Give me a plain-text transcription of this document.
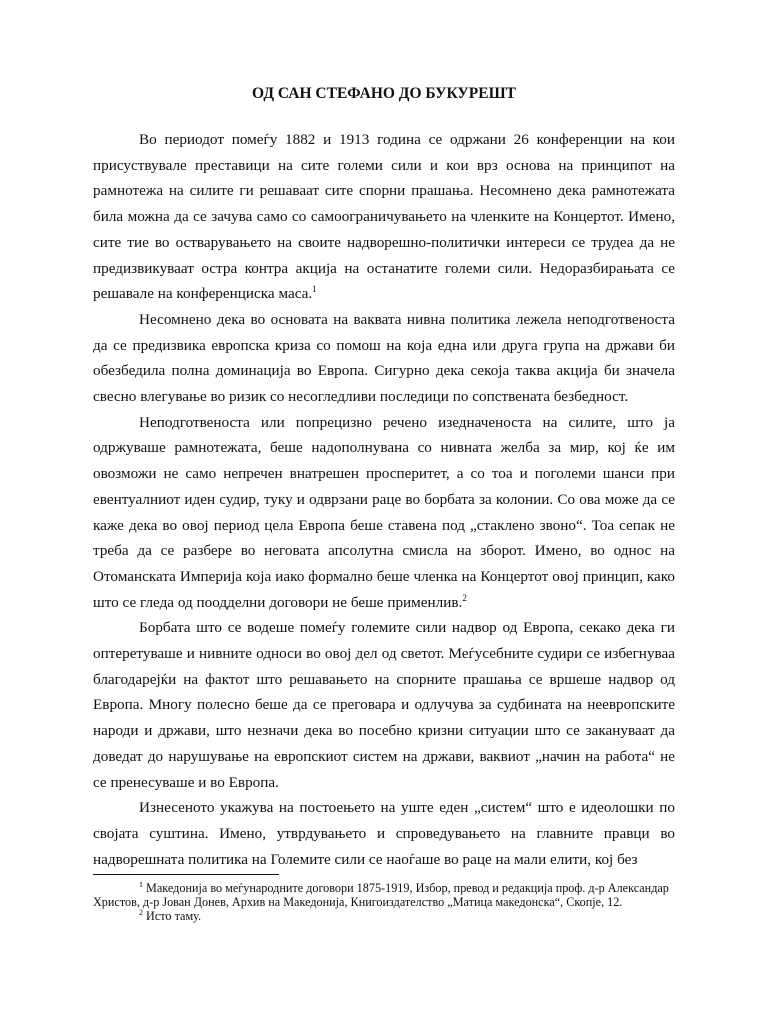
ОД САН СТЕФАНО ДО БУКУРЕШТ

Во периодот помеѓу 1882 и 1913 година се одржани 26 конференции на кои присуствувале преставици на сите големи сили и кои врз основа на принципот на рамнотежа на силите ги решаваат сите спорни прашања. Несомнено дека рамнотежата била можна да се зачува само со самоограничувањето на членките на Концертот. Имено, сите тие во остварувањето на своите надворешно-политички интереси се трудеа да не предизвикуваат остра контра акција на останатите големи сили. Недоразбирањата се решавале на конференциска маса.$^1$

Несомнено дека во основата на ваквата нивна политика лежела неподготвеноста да се предизвика европска криза со помош на која една или друга група на држави би обезбедила полна доминација во Европа. Сигурно дека секоја таква акција би значела свесно влегување во ризик со несогледливи последици по сопствената безбедност.

Неподготвеноста или попрецизно речено изедначеноста на силите, што ја одржуваше рамнотежата, беше надополнувана со нивната желба за мир, кој ќе им овозможи не само непречен внатрешен просперитет, а со тоа и поголеми шанси при евентуалниот иден судир, туку и одврзани раце во борбата за колонии. Со ова може да се каже дека во овој период цела Европа беше ставена под „стаклено звоно“. Тоа сепак не треба да се разбере во неговата апсолутна смисла на зборот. Имено, во однос на Отоманската Империја која иако формално беше членка на Концертот овој принцип, како што се гледа од поодделни договори не беше применлив.$^2$

Борбата што се водеше помеѓу големите сили надвор од Европа, секако дека ги оптеретуваше и нивните односи во овој дел од светот. Меѓусебните судири се избегнуваа благодарејќи на фактот што решавањето на спорните прашања се вршеше надвор од Европа. Многу полесно беше да се преговара и одлучува за судбината на неевропските народи и држави, што незначи дека во посебно кризни ситуации што се закануваат да доведат до нарушување на европскиот систем на држави, ваквиот „начин на работа“ не се пренесуваше и во Европа.

Изнесеното укажува на постоењето на уште еден „систем“ што е идеолошки по својата суштина. Имено, утврдувањето и спроведувањето на главните правци во надворешната политика на Големите сили се наоѓаше во раце на мали елити, кој без

$^1$ Македонија во меѓународните договори 1875-1919, Избор, превод и редакција проф. д-р Александар Христов, д-р Јован Донев, Архив на Македонија, Книгоиздателство „Матица македонска“, Скопје, 12.

$^2$ Исто таму.
